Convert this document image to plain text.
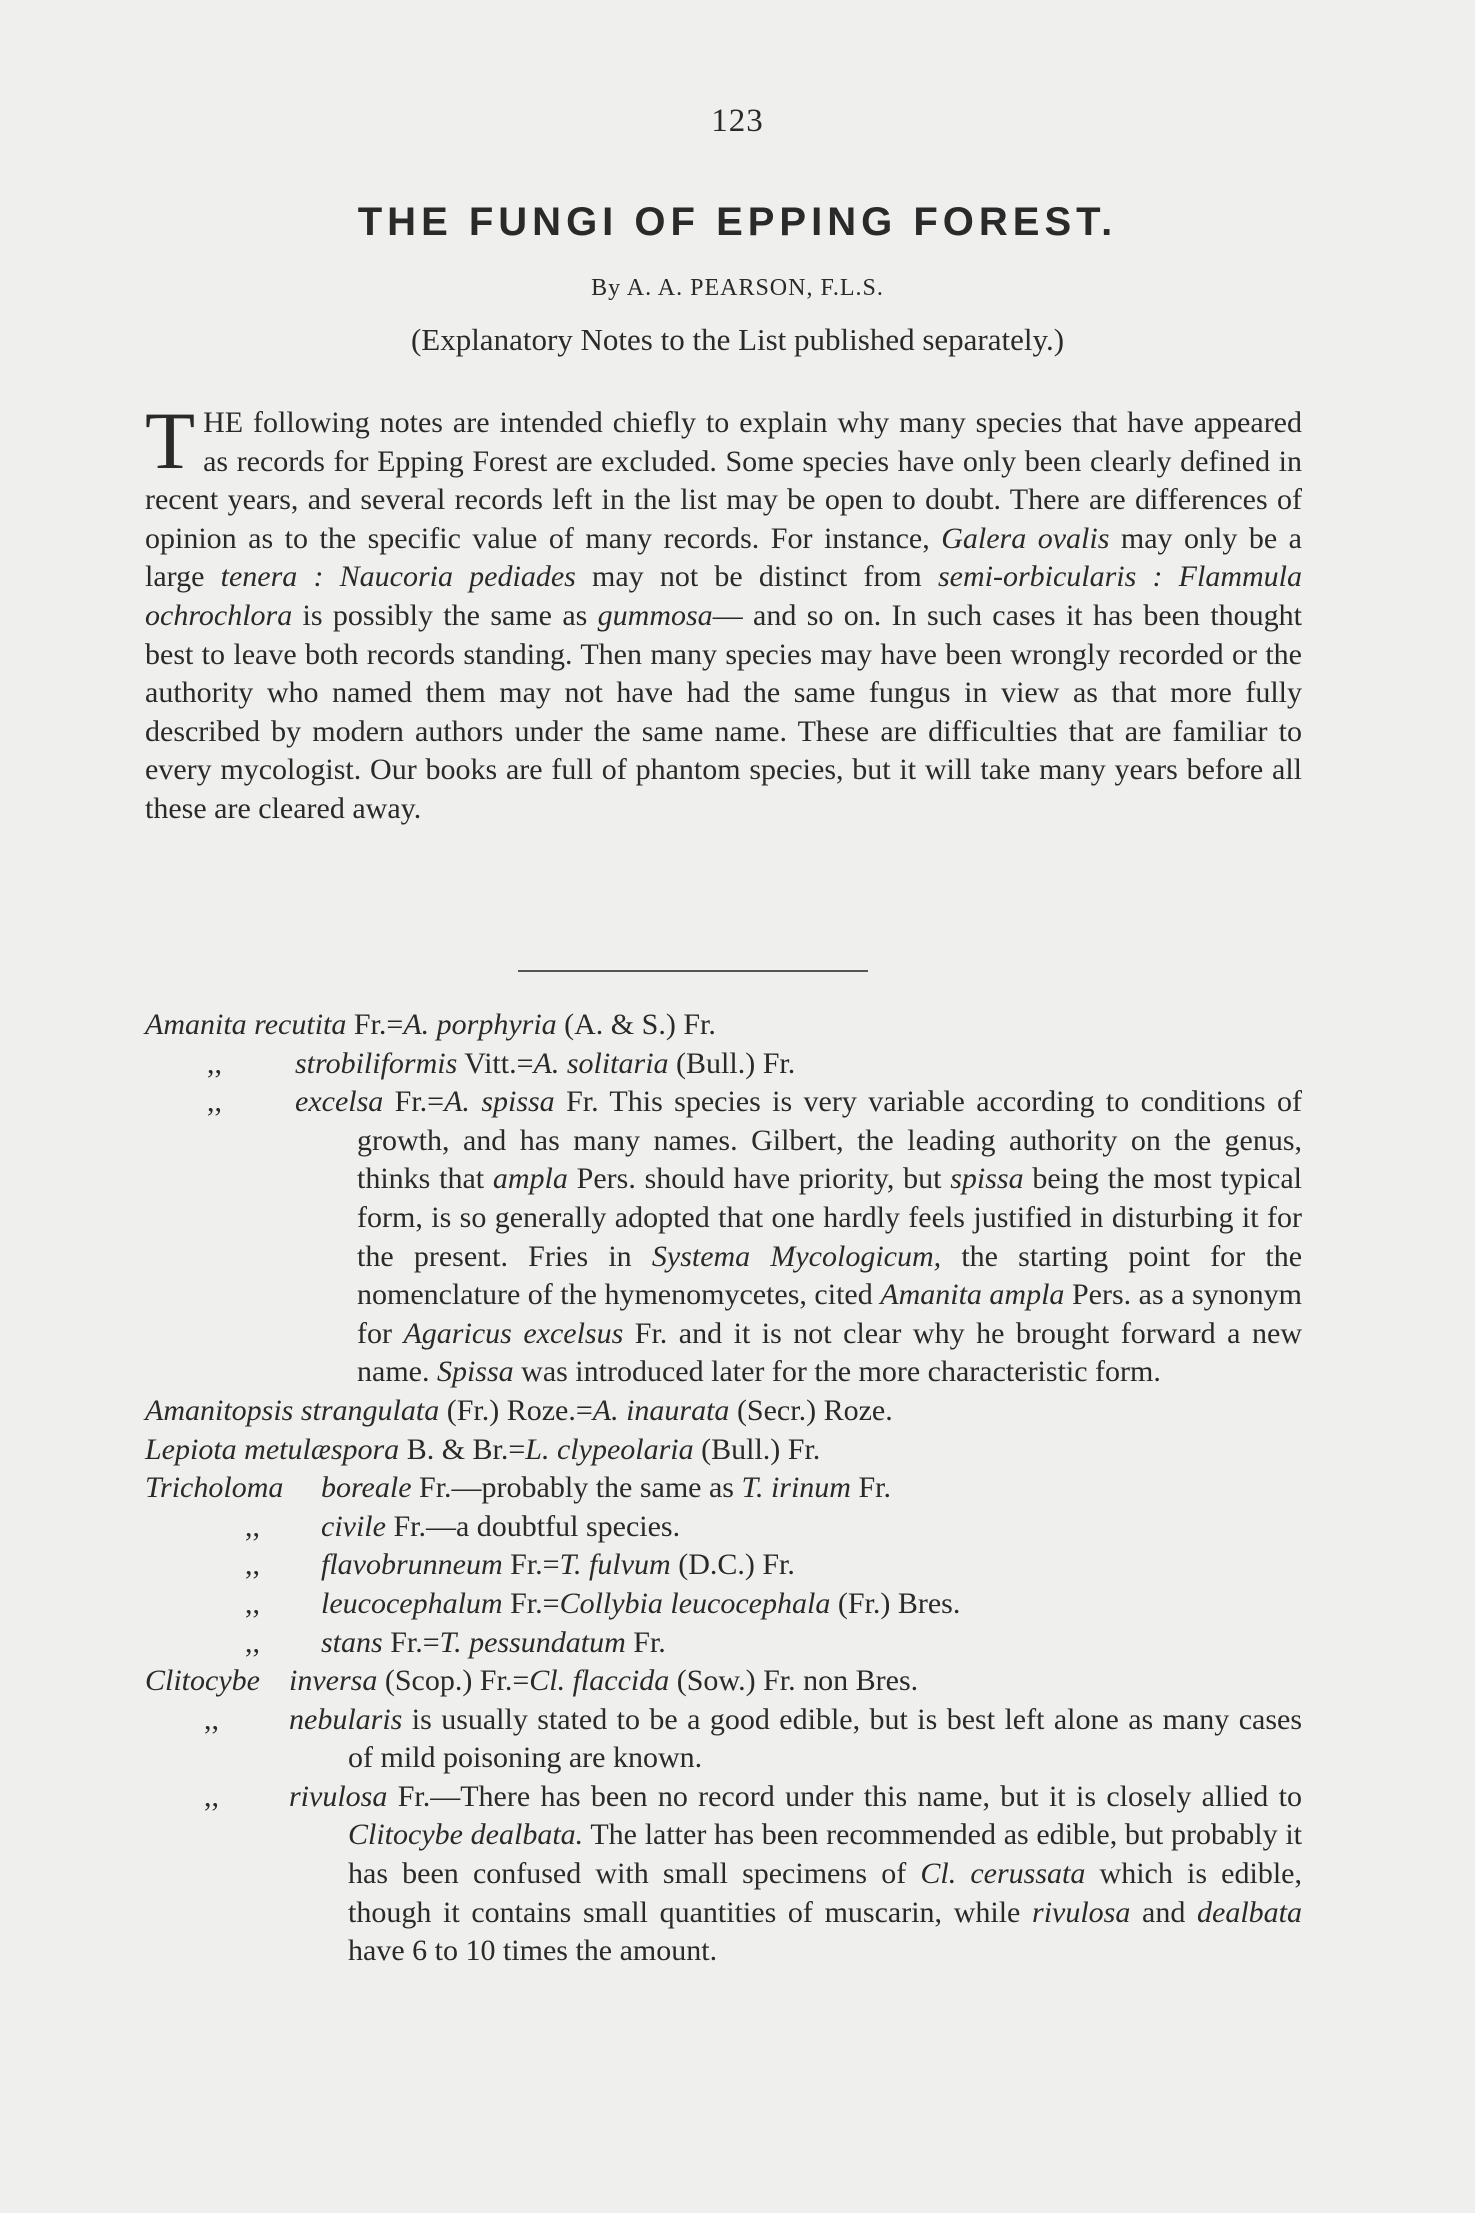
123
THE FUNGI OF EPPING FOREST.
By A. A. PEARSON, F.L.S.
(Explanatory Notes to the List published separately.)
THE following notes are intended chiefly to explain why many species that have appeared as records for Epping Forest are excluded. Some species have only been clearly defined in recent years, and several records left in the list may be open to doubt. There are differences of opinion as to the specific value of many records. For instance, Galera ovalis may only be a large tenera : Naucoria pediades may not be distinct from semi-orbicularis : Flammula ochrochlora is possibly the same as gummosa— and so on. In such cases it has been thought best to leave both records standing. Then many species may have been wrongly recorded or the authority who named them may not have had the same fungus in view as that more fully described by modern authors under the same name. These are difficulties that are familiar to every mycologist. Our books are full of phantom species, but it will take many years before all these are cleared away.

Amanita recutita Fr.=A. porphyria (A. & S.) Fr.

,, strobiliformis Vitt.=A. solitaria (Bull.) Fr.

,, excelsa Fr.=A. spissa Fr. This species is very variable according to conditions of growth, and has many names. Gilbert, the leading authority on the genus, thinks that ampla Pers. should have priority, but spissa being the most typical form, is so generally adopted that one hardly feels justified in disturbing it for the present. Fries in Systema Mycologicum, the starting point for the nomenclature of the hymenomycetes, cited Amanita ampla Pers. as a synonym for Agaricus excelsus Fr. and it is not clear why he brought forward a new name. Spissa was introduced later for the more characteristic form.

Amanitopsis strangulata (Fr.) Roze.=A. inaurata (Secr.) Roze.

Lepiota metulæspora B. & Br.=L. clypeolaria (Bull.) Fr.

Tricholoma boreale Fr.—probably the same as T. irinum Fr.

,, civile Fr.—a doubtful species.

,, flavobrunneum Fr.=T. fulvum (D.C.) Fr.

,, leucocephalum Fr.=Collybia leucocephala (Fr.) Bres.

,, stans Fr.=T. pessundatum Fr.

Clitocybe inversa (Scop.) Fr.=Cl. flaccida (Sow.) Fr. non Bres.

,, nebularis is usually stated to be a good edible, but is best left alone as many cases of mild poisoning are known.

,, rivulosa Fr.—There has been no record under this name, but it is closely allied to Clitocybe dealbata. The latter has been recommended as edible, but probably it has been confused with small specimens of Cl. cerussata which is edible, though it contains small quantities of muscarin, while rivulosa and dealbata have 6 to 10 times the amount.
